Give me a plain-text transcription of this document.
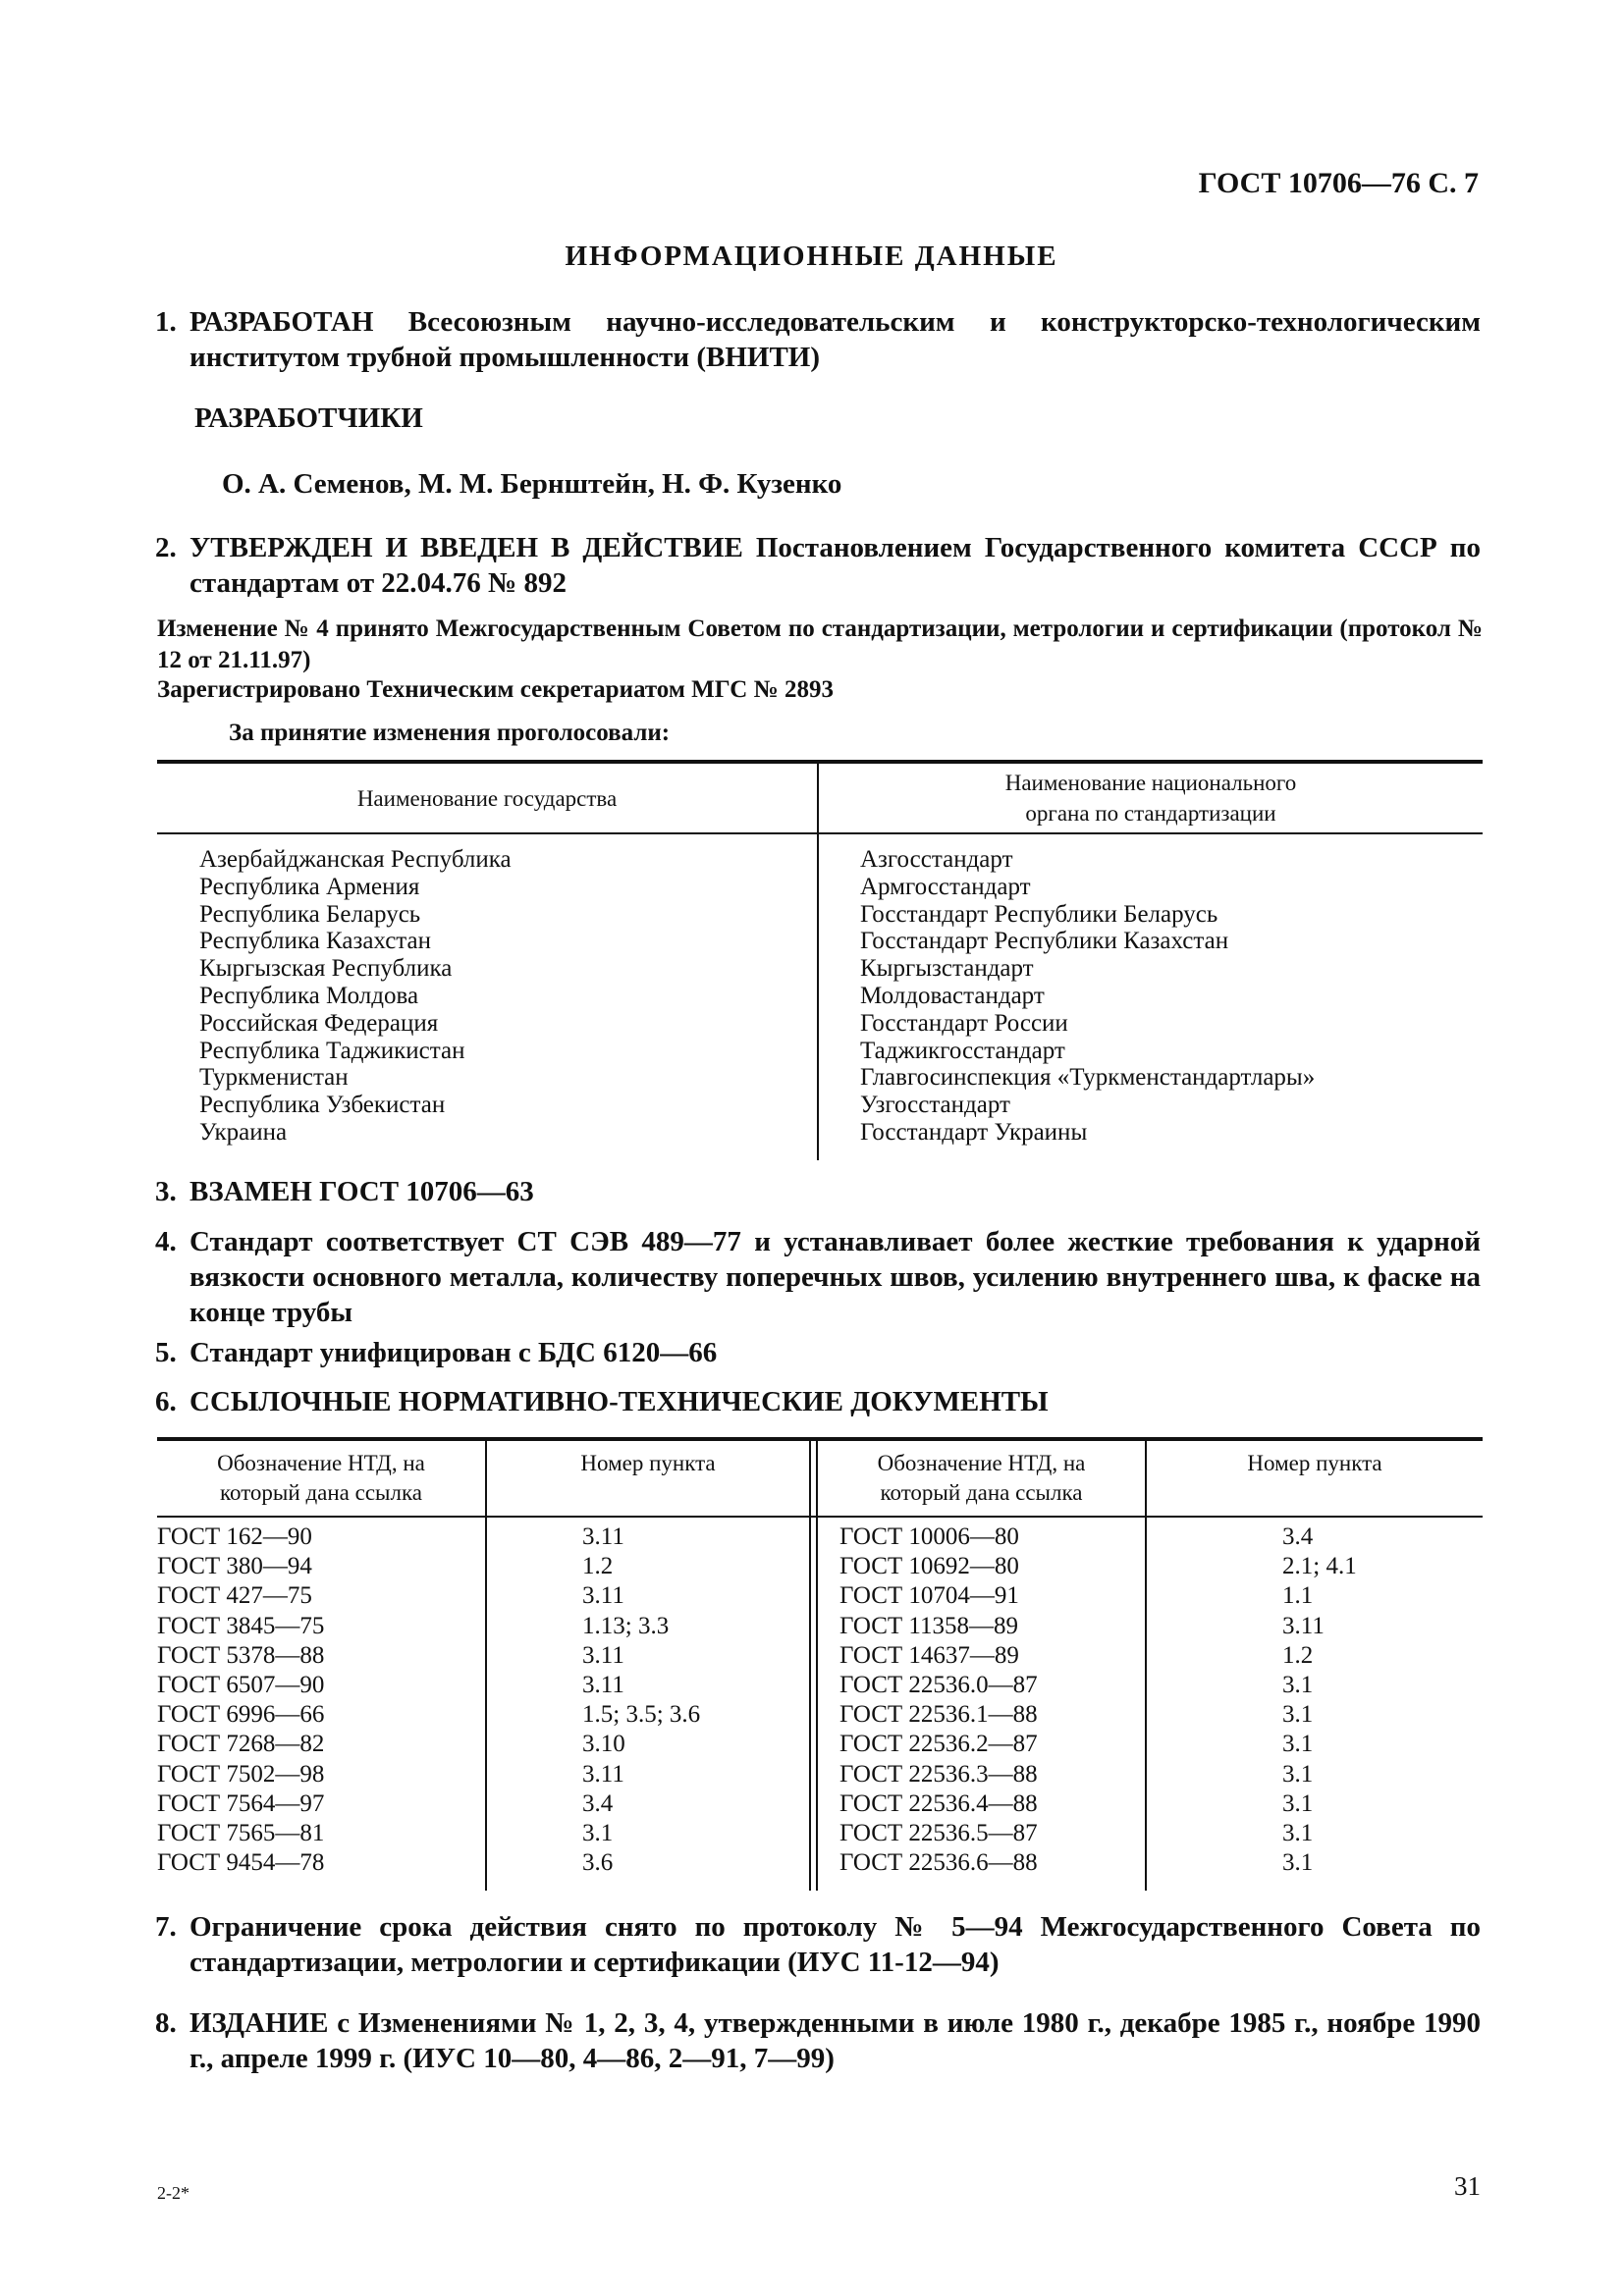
ГОСТ 10706—76 С. 7
ИНФОРМАЦИОННЫЕ ДАННЫЕ
1. РАЗРАБОТАН Всесоюзным научно-исследовательским и конструкторско-технологическим институтом трубной промышленности (ВНИТИ)
РАЗРАБОТЧИКИ
О. А. Семенов, М. М. Бернштейн, Н. Ф. Кузенко
2. УТВЕРЖДЕН И ВВЕДЕН В ДЕЙСТВИЕ Постановлением Государственного комитета СССР по стандартам от 22.04.76 № 892
Изменение № 4 принято Межгосударственным Советом по стандартизации, метрологии и сертификации (протокол № 12 от 21.11.97)
Зарегистрировано Техническим секретариатом МГС № 2893
За принятие изменения проголосовали:
Наименование государства
Наименование национального
органа по стандартизации
Азербайджанская Республика
Республика Армения
Республика Беларусь
Республика Казахстан
Кыргызская Республика
Республика Молдова
Российская Федерация
Республика Таджикистан
Туркменистан
Республика Узбекистан
Украина
Азгосстандарт
Армгосстандарт
Госстандарт Республики Беларусь
Госстандарт Республики Казахстан
Кыргызстандарт
Молдовастандарт
Госстандарт России
Таджикгосстандарт
Главгосинспекция «Туркменстандартлары»
Узгосстандарт
Госстандарт Украины
3. ВЗАМЕН ГОСТ 10706—63
4. Стандарт соответствует СТ СЭВ 489—77 и устанавливает более жесткие требования к ударной вязкости основного металла, количеству поперечных швов, усилению внутреннего шва, к фаске на конце трубы
5. Стандарт унифицирован с БДС 6120—66
6. ССЫЛОЧНЫЕ НОРМАТИВНО-ТЕХНИЧЕСКИЕ ДОКУМЕНТЫ
Обозначение НТД, на
который дана ссылка
Номер пункта	Обозначение НТД, на
который дана ссылка
Номер пункта
ГОСТ 162—90
ГОСТ 380—94
ГОСТ 427—75
ГОСТ 3845—75
ГОСТ 5378—88
ГОСТ 6507—90
ГОСТ 6996—66
ГОСТ 7268—82
ГОСТ 7502—98
ГОСТ 7564—97
ГОСТ 7565—81
ГОСТ 9454—78
3.11
1.2
3.11
1.13; 3.3
3.11
3.11
1.5; 3.5; 3.6
3.10
3.11
3.4
3.1
3.6
ГОСТ 10006—80
ГОСТ 10692—80
ГОСТ 10704—91
ГОСТ 11358—89
ГОСТ 14637—89
ГОСТ 22536.0—87
ГОСТ 22536.1—88
ГОСТ 22536.2—87
ГОСТ 22536.3—88
ГОСТ 22536.4—88
ГОСТ 22536.5—87
ГОСТ 22536.6—88
3.4
2.1; 4.1
1.1
3.11
1.2
3.1
3.1
3.1
3.1
3.1
3.1
3.1
7. Ограничение срока действия снято по протоколу № 5—94 Межгосударственного Совета по стандартизации, метрологии и сертификации (ИУС 11-12—94)
8. ИЗДАНИЕ с Изменениями № 1, 2, 3, 4, утвержденными в июле 1980 г., декабре 1985 г., ноябре 1990 г., апреле 1999 г. (ИУС 10—80, 4—86, 2—91, 7—99)
2-2*	31
